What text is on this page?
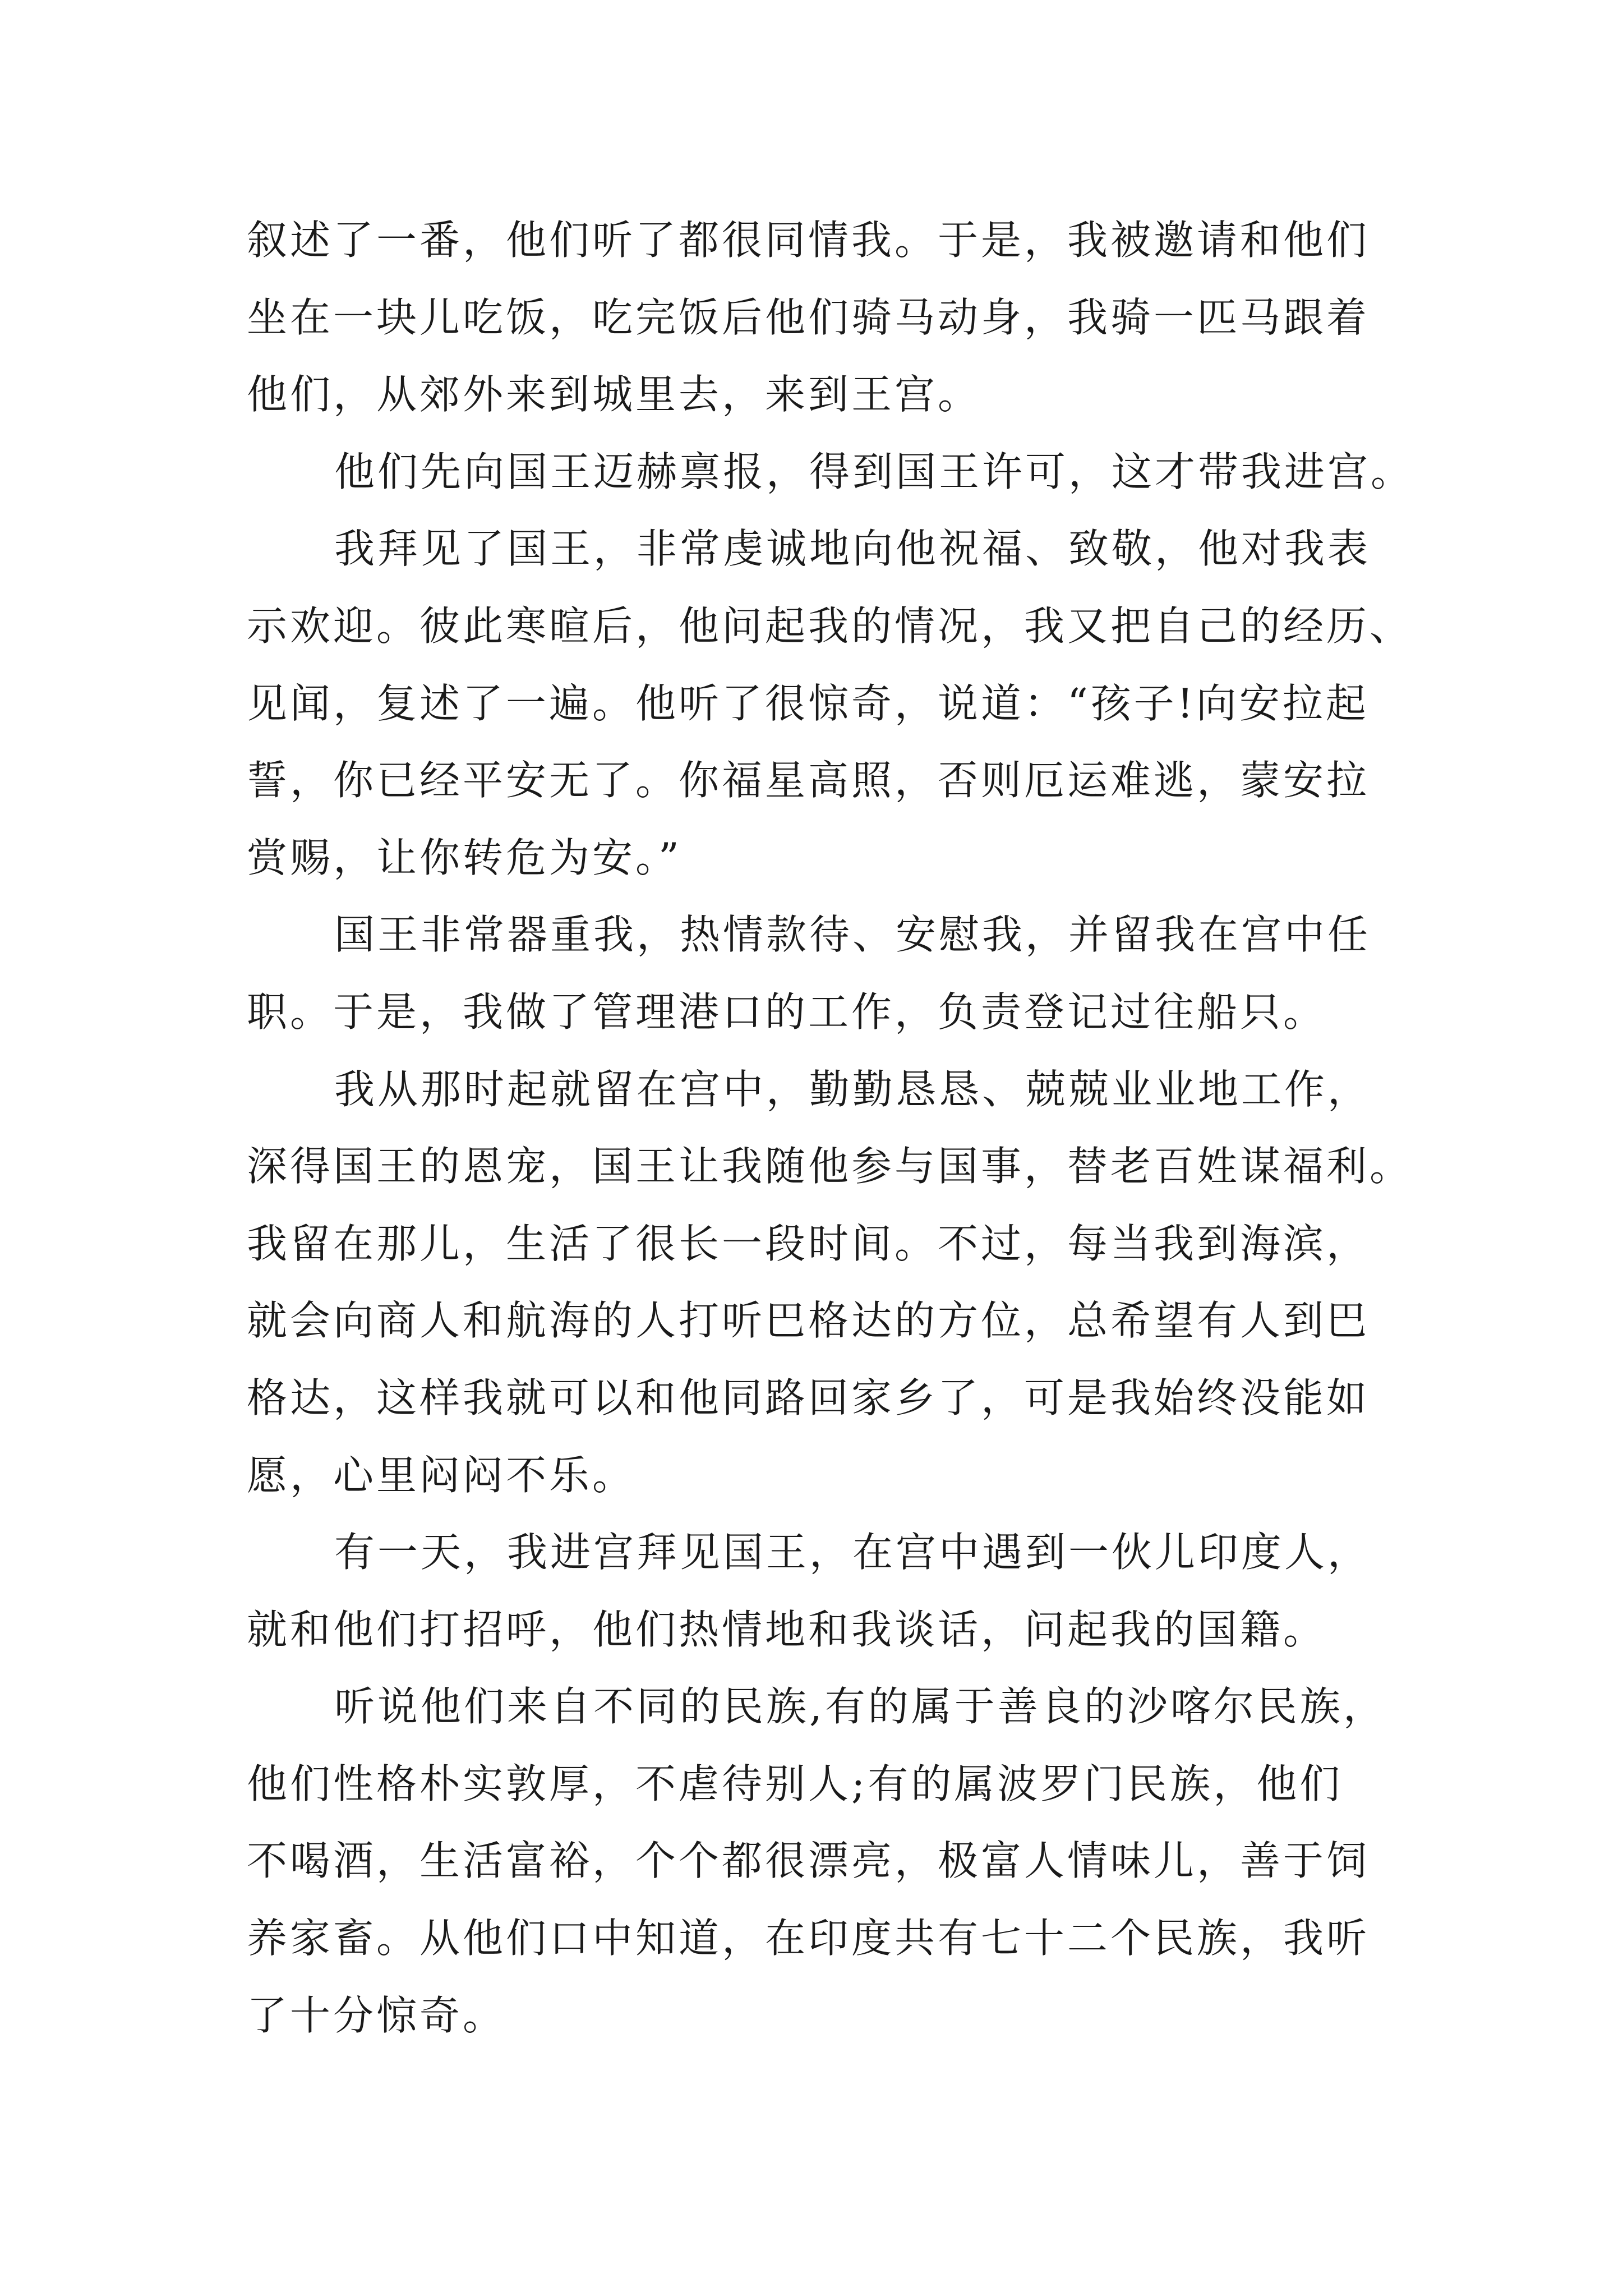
叙述了一番，他们听了都很同情我。于是，我被邀请和他们
坐在一块儿吃饭，吃完饭后他们骑马动身，我骑一匹马跟着
他们，从郊外来到城里去，来到王宫。
他们先向国王迈赫禀报，得到国王许可，这才带我进宫。
我拜见了国王，非常虔诚地向他祝福、致敬，他对我表
示欢迎。彼此寒暄后，他问起我的情况，我又把自己的经历、
见闻，复述了一遍。他听了很惊奇，说道：“孩子!向安拉起
誓，你已经平安无了。你福星高照，否则厄运难逃，蒙安拉
赏赐，让你转危为安。”
国王非常器重我，热情款待、安慰我，并留我在宫中任
职。于是，我做了管理港口的工作，负责登记过往船只。
我从那时起就留在宫中，勤勤恳恳、兢兢业业地工作，
深得国王的恩宠，国王让我随他参与国事，替老百姓谋福利。
我留在那儿，生活了很长一段时间。不过，每当我到海滨，
就会向商人和航海的人打听巴格达的方位，总希望有人到巴
格达，这样我就可以和他同路回家乡了，可是我始终没能如
愿，心里闷闷不乐。
有一天，我进宫拜见国王，在宫中遇到一伙儿印度人，
就和他们打招呼，他们热情地和我谈话，问起我的国籍。
听说他们来自不同的民族,有的属于善良的沙喀尔民族，
他们性格朴实敦厚，不虐待别人;有的属波罗门民族，他们
不喝酒，生活富裕，个个都很漂亮，极富人情味儿，善于饲
养家畜。从他们口中知道，在印度共有七十二个民族，我听
了十分惊奇。
